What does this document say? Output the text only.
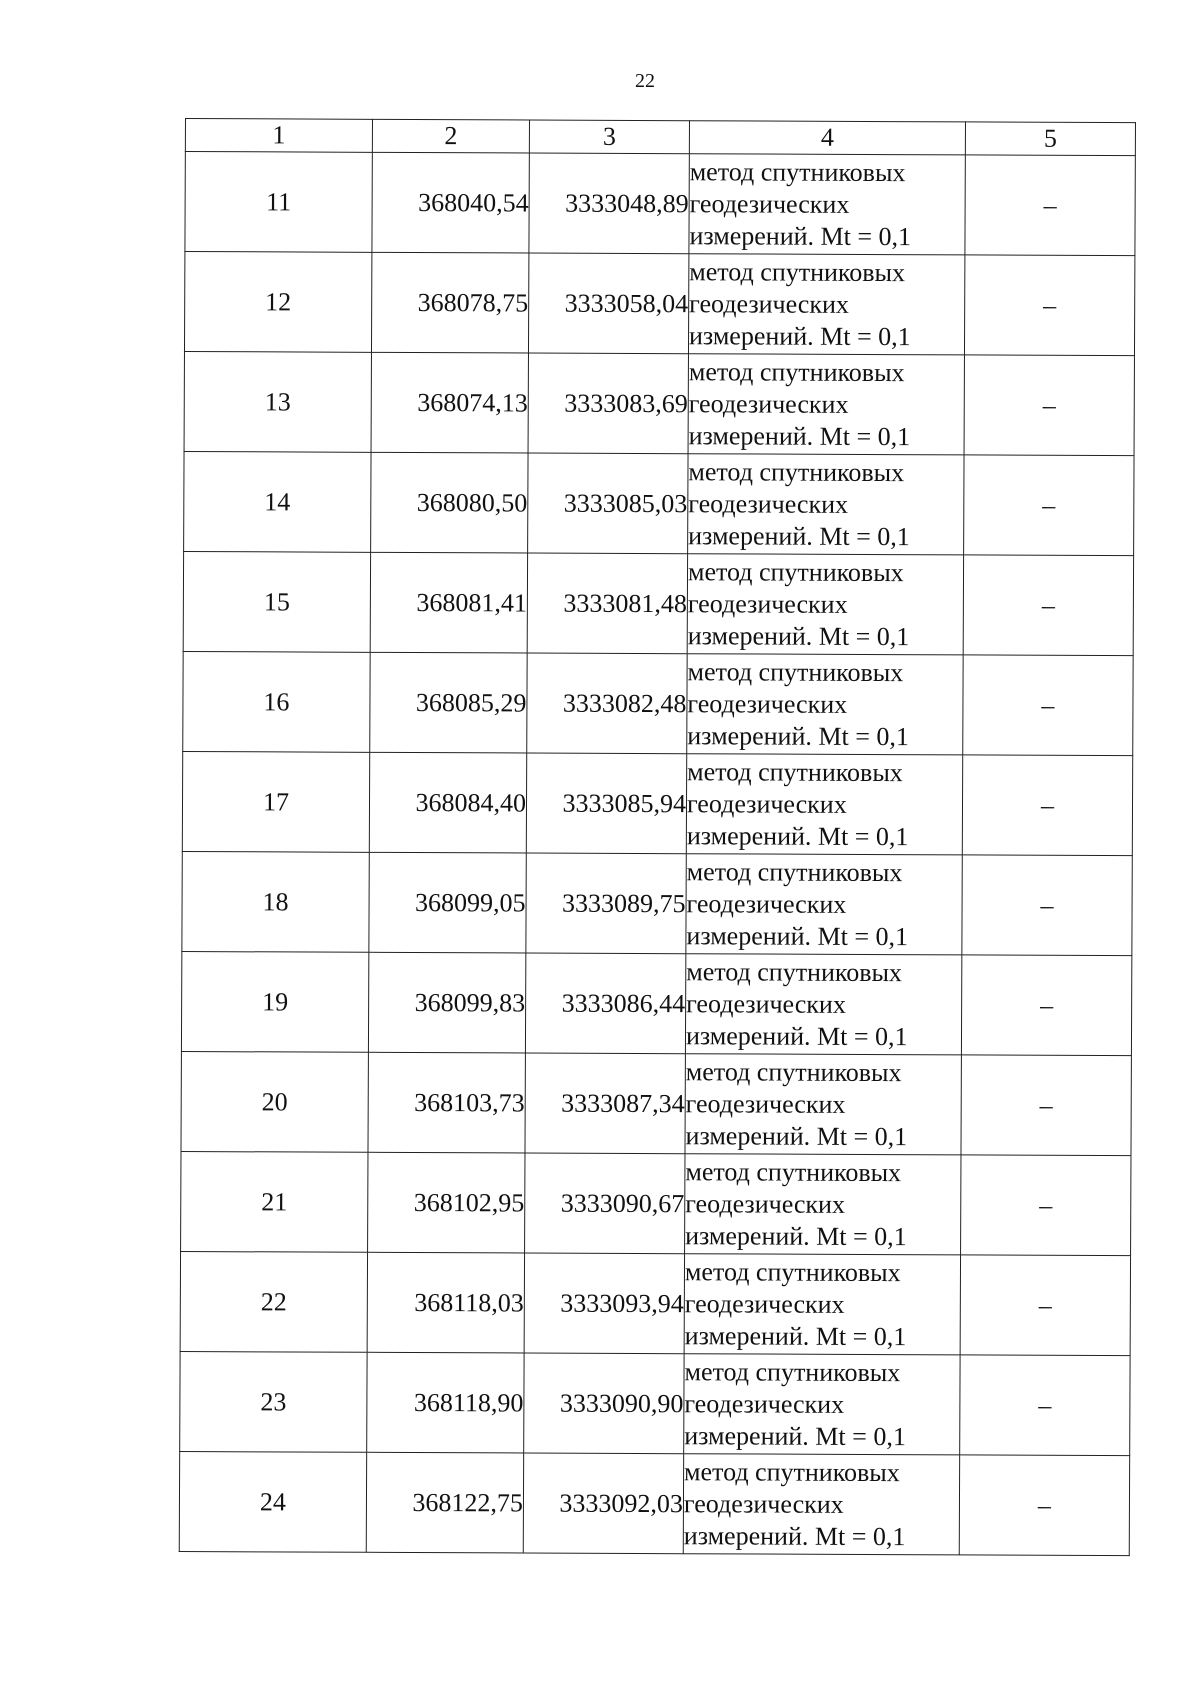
22
1	2	3	4	5
11	368040,54	3333048,89	метод спутниковых
геодезических
измерений. Mt = 0,1	–
12	368078,75	3333058,04	метод спутниковых
геодезических
измерений. Mt = 0,1	–
13	368074,13	3333083,69	метод спутниковых
геодезических
измерений. Mt = 0,1	–
14	368080,50	3333085,03	метод спутниковых
геодезических
измерений. Mt = 0,1	–
15	368081,41	3333081,48	метод спутниковых
геодезических
измерений. Mt = 0,1	–
16	368085,29	3333082,48	метод спутниковых
геодезических
измерений. Mt = 0,1	–
17	368084,40	3333085,94	метод спутниковых
геодезических
измерений. Mt = 0,1	–
18	368099,05	3333089,75	метод спутниковых
геодезических
измерений. Mt = 0,1	–
19	368099,83	3333086,44	метод спутниковых
геодезических
измерений. Mt = 0,1	–
20	368103,73	3333087,34	метод спутниковых
геодезических
измерений. Mt = 0,1	–
21	368102,95	3333090,67	метод спутниковых
геодезических
измерений. Mt = 0,1	–
22	368118,03	3333093,94	метод спутниковых
геодезических
измерений. Mt = 0,1	–
23	368118,90	3333090,90	метод спутниковых
геодезических
измерений. Mt = 0,1	–
24	368122,75	3333092,03	метод спутниковых
геодезических
измерений. Mt = 0,1	–
